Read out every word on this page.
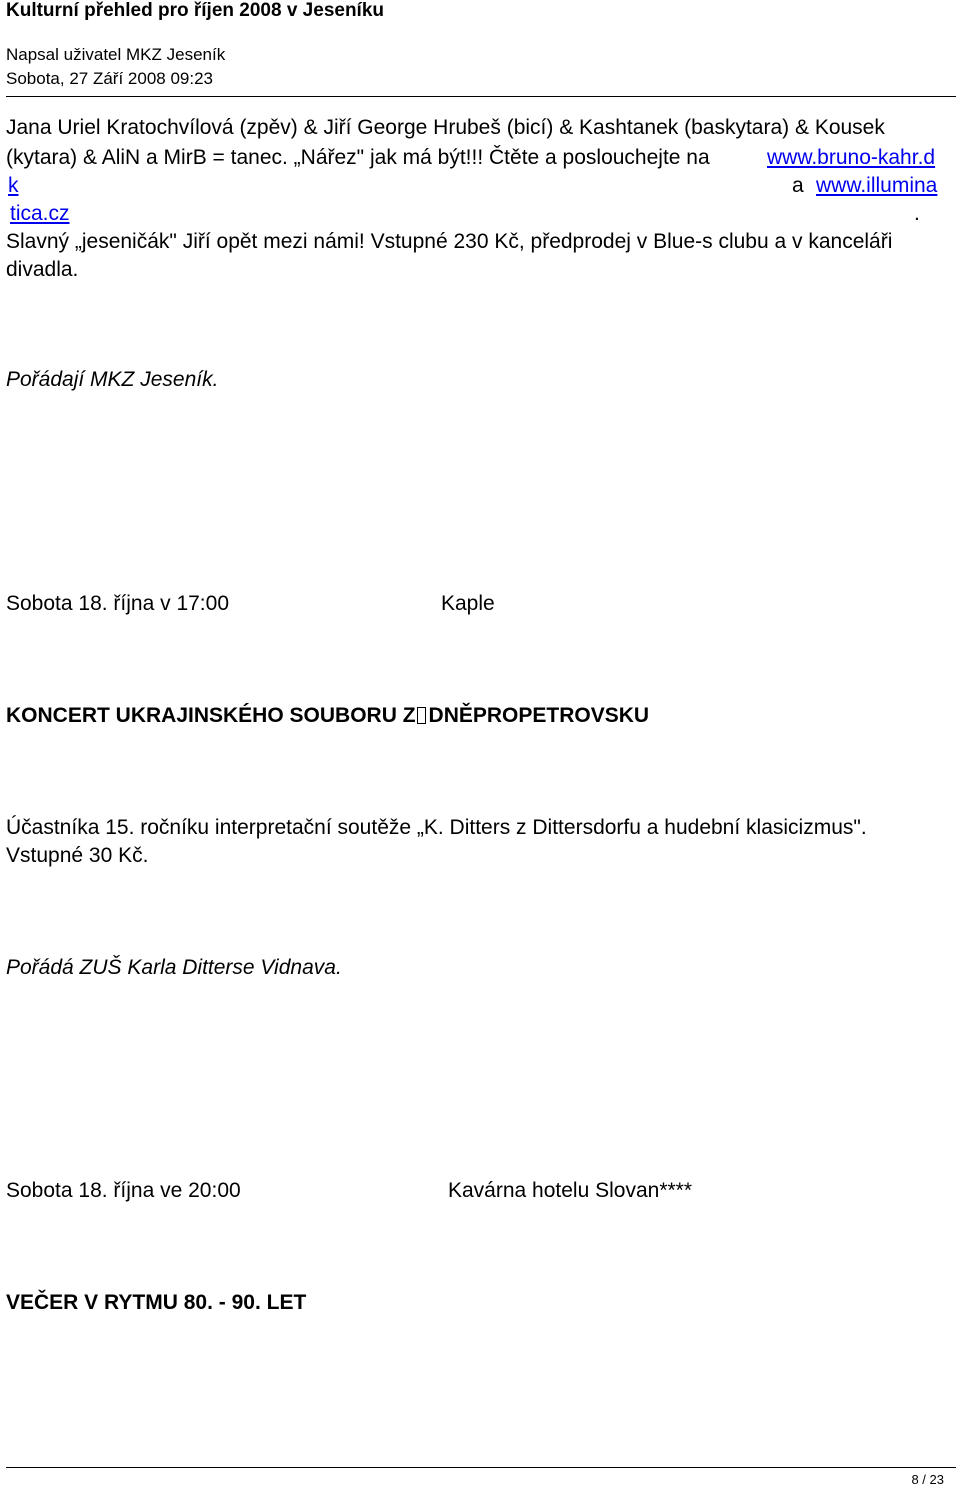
Kulturní přehled pro říjen 2008 v Jeseníku
Napsal uživatel MKZ Jeseník
Sobota, 27 Září 2008 09:23
Jana Uriel Kratochvílová (zpěv) & Jiří George Hrubeš (bicí) & Kashtanek (baskytara) & Kousek
(kytara) & AliN a MirB = tanec. „Nářez" jak má být!!! Čtěte a poslouchejte na	www.bruno-kahr.d
k	a www.illumina
tica.cz	.
Slavný „jeseničák" Jiří opět mezi námi! Vstupné 230 Kč, předprodej v Blue-s clubu a v kanceláři
divadla.
Pořádají MKZ Jeseník.
Sobota 18. října v 17:00	Kaple
KONCERT UKRAJINSKÉHO SOUBORU Z DNĚPROPETROVSKU
Účastníka 15. ročníku interpretační soutěže „K. Ditters z Dittersdorfu a hudební klasicizmus".
Vstupné 30 Kč.
Pořádá ZUŠ Karla Ditterse Vidnava.
Sobota 18. října ve 20:00	Kavárna hotelu Slovan****
VEČER V RYTMU 80. - 90. LET
8 / 23
